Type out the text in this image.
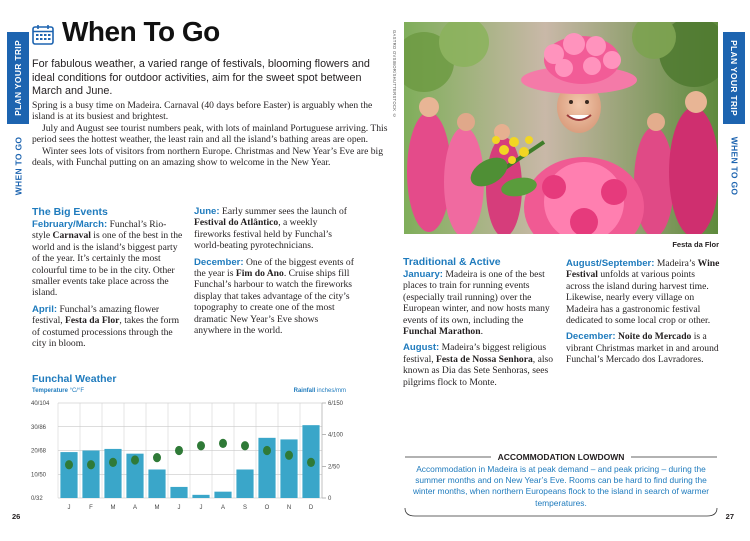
PLAN YOUR TRIP
WHEN TO GO
PLAN YOUR TRIP
WHEN TO GO
When To Go
For fabulous weather, a varied range of festivals, blooming flowers and ideal conditions for outdoor activities, aim for the sweet spot between March and June.

Spring is a busy time on Madeira. Carnaval (40 days before Easter) is arguably when the island is at its busiest and brightest.

July and August see tourist numbers peak, with lots of mainland Portuguese arriving. This period sees the hottest weather, the least rain and all the island’s bathing areas are open.

Winter sees lots of visitors from northern Europe. Christmas and New Year’s Eve are big deals, with Funchal putting on an amazing show to welcome in the New Year.

The Big Events

February/March: Funchal’s Rio-style Carnaval is one of the best in the world and is the island’s biggest party of the year. It’s certainly the most colourful time to be in the city. Other smaller events take place across the island.

April: Funchal’s amazing flower festival, Festa da Flor, takes the form of costumed processions through the city in bloom.

June: Early summer sees the launch of Festival do Atlântico, a weekly fireworks festival held by Funchal’s world-beating pyrotechnicians.

December: One of the biggest events of the year is Fim do Ano. Cruise ships fill Funchal’s harbour to watch the fireworks display that takes advantage of the city’s topography to create one of the most dramatic New Year’s Eve shows anywhere in the world.

Funchal Weather
Temperature °C/°F	Rainfall inches/mm
40/104
30/86
20/68
10/50
0/32
6/150
4/100
2/50
0
J	F	M	A	M	J	J	A	S	O	N	D
26
GASTRO OVSIBOR/SHUTTERSTOCK ©
Festa da Flor
Traditional & Active

January: Madeira is one of the best places to train for running events (especially trail running) over the European winter, and now hosts many events of its own, including the Funchal Marathon.

August: Madeira’s biggest religious festival, Festa de Nossa Senhora, also known as Dia das Sete Senhoras, sees pilgrims flock to Monte.

August/September: Madeira’s Wine Festival unfolds at various points across the island during harvest time. Likewise, nearly every village on Madeira has a gastronomic festival dedicated to some local crop or other.

December: Noite do Mercado is a vibrant Christmas market in and around Funchal’s Mercado dos Lavradores.

ACCOMMODATION LOWDOWN
Accommodation in Madeira is at peak demand – and peak pricing – during the summer months and on New Year’s Eve. Rooms can be hard to find during the winter months, when northern Europeans flock to the island in search of warmer temperatures.
27
